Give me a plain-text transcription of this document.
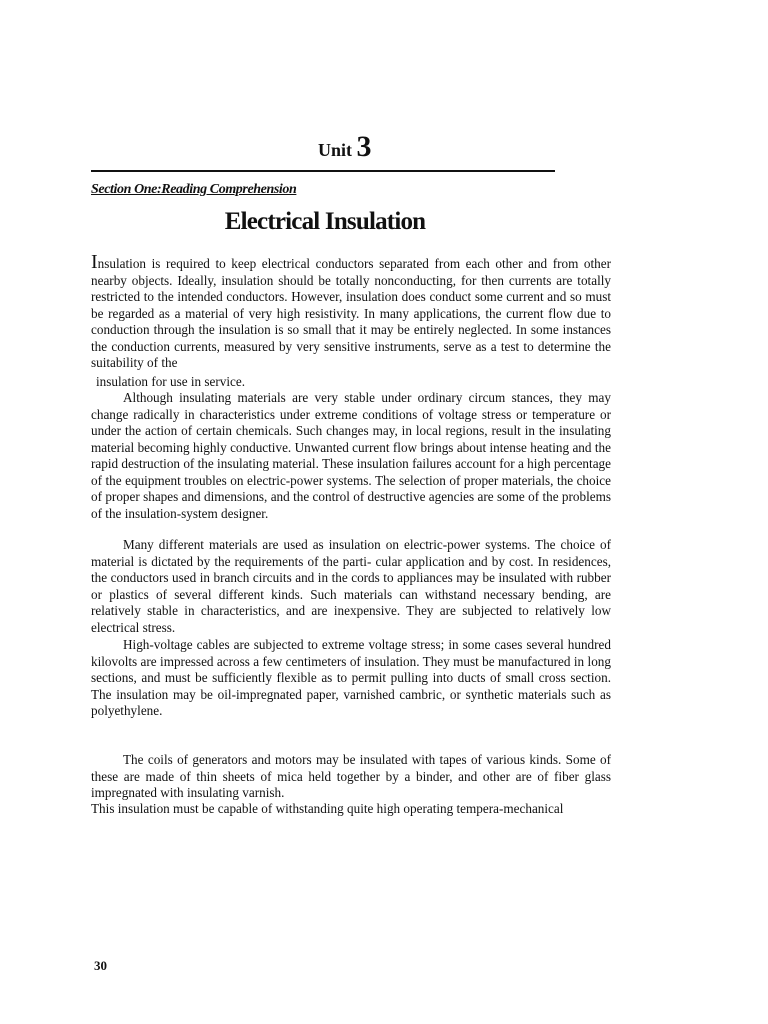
Unit 3
Section One:Reading Comprehension
Electrical Insulation

Insulation is required to keep electrical conductors separated from each other and from other nearby objects. Ideally, insulation should be totally nonconducting, for then currents are totally restricted to the intended conductors. However, insulation does conduct some current and so must be regarded as a material of very high resistivity. In many applications, the current flow due to conduction through the insulation is so small that it may be entirely neglected. In some instances the conduction currents, measured by very sensitive instruments, serve as a test to determine the suitability of the

insulation for use in service.

Although insulating materials are very stable under ordinary circum stances, they may change radically in characteristics under extreme conditions of voltage stress or temperature or under the action of certain chemicals. Such changes may, in local regions, result in the insulating material becoming highly conductive. Unwanted current flow brings about intense heating and the rapid destruction of the insulating material. These insulation failures account for a high percentage of the equipment troubles on electric-power systems. The selection of proper materials, the choice of proper shapes and dimensions, and the control of destructive agencies are some of the problems of the insulation-system designer.

Many different materials are used as insulation on electric-power systems. The choice of material is dictated by the requirements of the parti- cular application and by cost. In residences, the conductors used in branch circuits and in the cords to appliances may be insulated with rubber or plastics of several different kinds. Such materials can withstand necessary bending, are relatively stable in characteristics, and are inexpensive. They are subjected to relatively low electrical stress.

High-voltage cables are subjected to extreme voltage stress; in some cases several hundred kilovolts are impressed across a few centimeters of insulation. They must be manufactured in long sections, and must be sufficiently flexible as to permit pulling into ducts of small cross section. The insulation may be oil-impregnated paper, varnished cambric, or synthetic materials such as polyethylene.

The coils of generators and motors may be insulated with tapes of various kinds. Some of these are made of thin sheets of mica held together by a binder, and other are of fiber glass impregnated with insulating varnish.

This insulation must be capable of withstanding quite high operating tempera-mechanical

30
